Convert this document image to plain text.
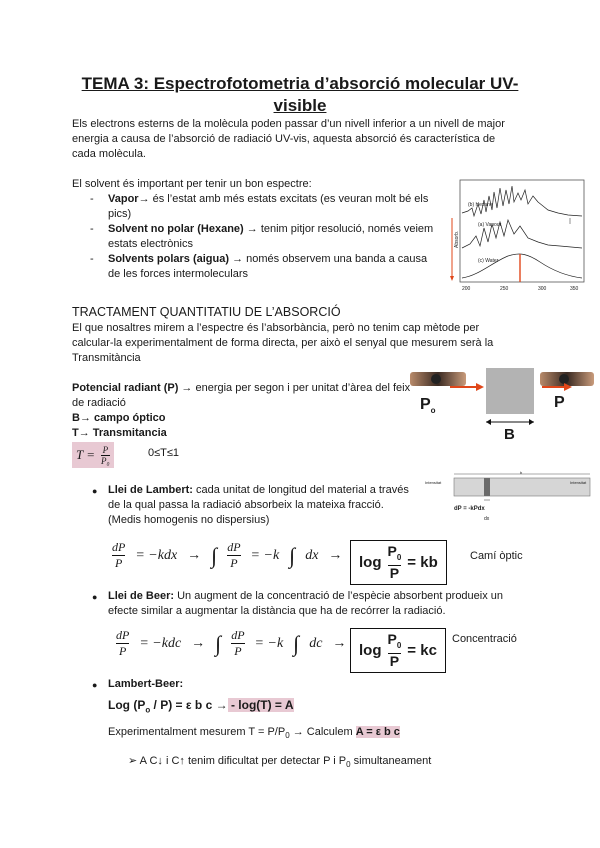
TEMA 3: Espectrofotometria d’absorció molecular UV-
visible
Els electrons esterns de la molècula poden passar d’un nivell inferior a un nivell de major
energia a causa de l’absorció de radiació UV-vis, aquesta absorció és característica de
cada molècula.
El solvent és important per tenir un bon espectre:
- Vapor→ és l’estat amb més estats excitats (es veuran molt bé els
pics)
- Solvent no polar (Hexane) → tenim pitjor resolució, només veiem
estats electrònics
- Solvents polars (aigua) → només observem una banda a causa
de les forces intermoleculars
(a) Vapour
(b) Hexane
(c) Water
Absorb.
200	250	300	350
TRACTAMENT QUANTITATIU DE L’ABSORCIÓ
El que nosaltres mirem a l’espectre és l’absorbància, però no tenim cap mètode per
calcular-la experimentalment de forma directa, per això el senyal que mesurem serà la
Transmitància
Potencial radiant (P) → energia per segon i per unitat d’àrea del feix
de radiació
B→ campo óptico
T→ Transmitancia
$T = \frac{P}{\text{P₀}}$	0≤T≤1
$P_o$	P
B
● Llei de Lambert: cada unitat de longitud del material a través
de la qual passa la radiació absorbeix la mateixa fracció.
(Medis homogenis no dispersius)
b
Intensitat	Intensitat
dP = -kPdx
dx
$\frac{dP}{P} = -kdx$ → ∫ $\frac{dP}{P} = -k$ ∫ dx → $\log \frac{P_0}{P}$ = kb	Camí òptic
● Llei de Beer: Un augment de la concentració de l’espècie absorbent produeix un
efecte similar a augmentar la distància que ha de recórrer la radiació.
$\frac{dP}{P} = -kdc$ → ∫ $\frac{dP}{P} = -k$ ∫ dc → $\log \frac{P_0}{P}$ = kc
Concentració
● Lambert-Beer:
Log $(P_o / P) = \varepsilon$ b c → - log(T) = A
Experimentalment mesurem $T = P/P_0$ → Calculem A = ε b c
➢ A C↓ i C↑ tenim dificultat per detectar P i $P_0$ simultaneament
